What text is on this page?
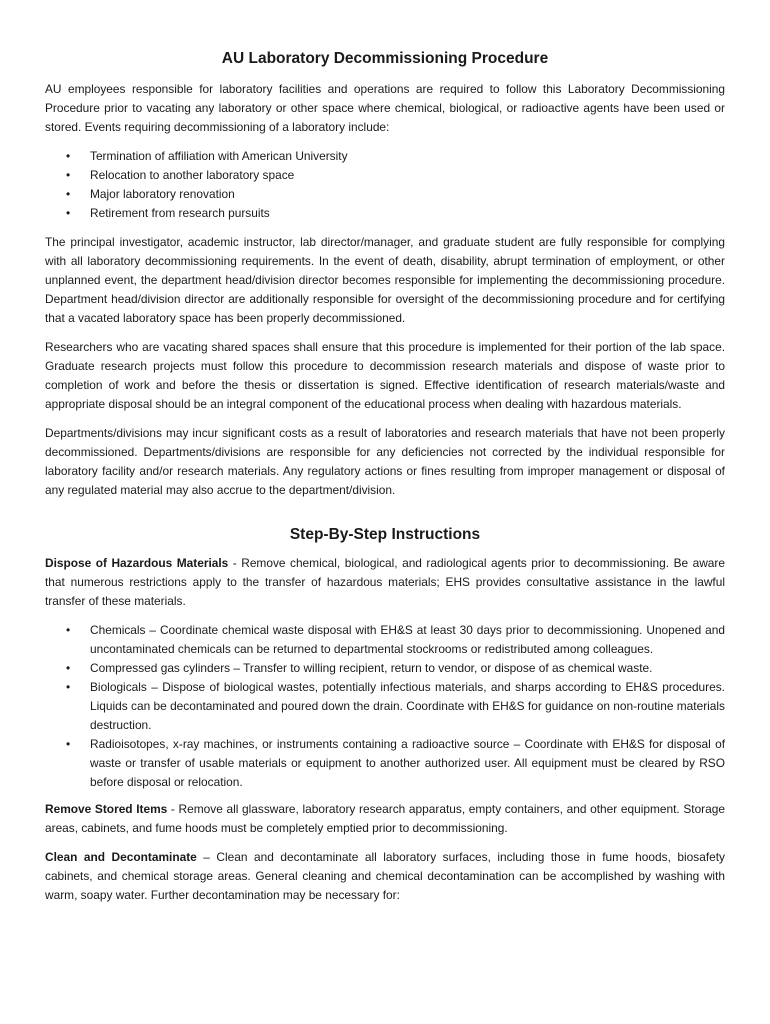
AU Laboratory Decommissioning Procedure

AU employees responsible for laboratory facilities and operations are required to follow this Laboratory Decommissioning Procedure prior to vacating any laboratory or other space where chemical, biological, or radioactive agents have been used or stored. Events requiring decommissioning of a laboratory include:

• Termination of affiliation with American University
• Relocation to another laboratory space
• Major laboratory renovation
• Retirement from research pursuits

The principal investigator, academic instructor, lab director/manager, and graduate student are fully responsible for complying with all laboratory decommissioning requirements. In the event of death, disability, abrupt termination of employment, or other unplanned event, the department head/division director becomes responsible for implementing the decommissioning procedure. Department head/division director are additionally responsible for oversight of the decommissioning procedure and for certifying that a vacated laboratory space has been properly decommissioned.

Researchers who are vacating shared spaces shall ensure that this procedure is implemented for their portion of the lab space. Graduate research projects must follow this procedure to decommission research materials and dispose of waste prior to completion of work and before the thesis or dissertation is signed. Effective identification of research materials/waste and appropriate disposal should be an integral component of the educational process when dealing with hazardous materials.

Departments/divisions may incur significant costs as a result of laboratories and research materials that have not been properly decommissioned. Departments/divisions are responsible for any deficiencies not corrected by the individual responsible for laboratory facility and/or research materials. Any regulatory actions or fines resulting from improper management or disposal of any regulated material may also accrue to the department/division.

Step-By-Step Instructions

Dispose of Hazardous Materials - Remove chemical, biological, and radiological agents prior to decommissioning. Be aware that numerous restrictions apply to the transfer of hazardous materials; EHS provides consultative assistance in the lawful transfer of these materials.

• Chemicals – Coordinate chemical waste disposal with EH&S at least 30 days prior to decommissioning. Unopened and uncontaminated chemicals can be returned to departmental stockrooms or redistributed among colleagues.
• Compressed gas cylinders – Transfer to willing recipient, return to vendor, or dispose of as chemical waste.
• Biologicals – Dispose of biological wastes, potentially infectious materials, and sharps according to EH&S procedures. Liquids can be decontaminated and poured down the drain. Coordinate with EH&S for guidance on non-routine materials destruction.
• Radioisotopes, x-ray machines, or instruments containing a radioactive source – Coordinate with EH&S for disposal of waste or transfer of usable materials or equipment to another authorized user. All equipment must be cleared by RSO before disposal or relocation.

Remove Stored Items - Remove all glassware, laboratory research apparatus, empty containers, and other equipment. Storage areas, cabinets, and fume hoods must be completely emptied prior to decommissioning.

Clean and Decontaminate – Clean and decontaminate all laboratory surfaces, including those in fume hoods, biosafety cabinets, and chemical storage areas. General cleaning and chemical decontamination can be accomplished by washing with warm, soapy water. Further decontamination may be necessary for:
